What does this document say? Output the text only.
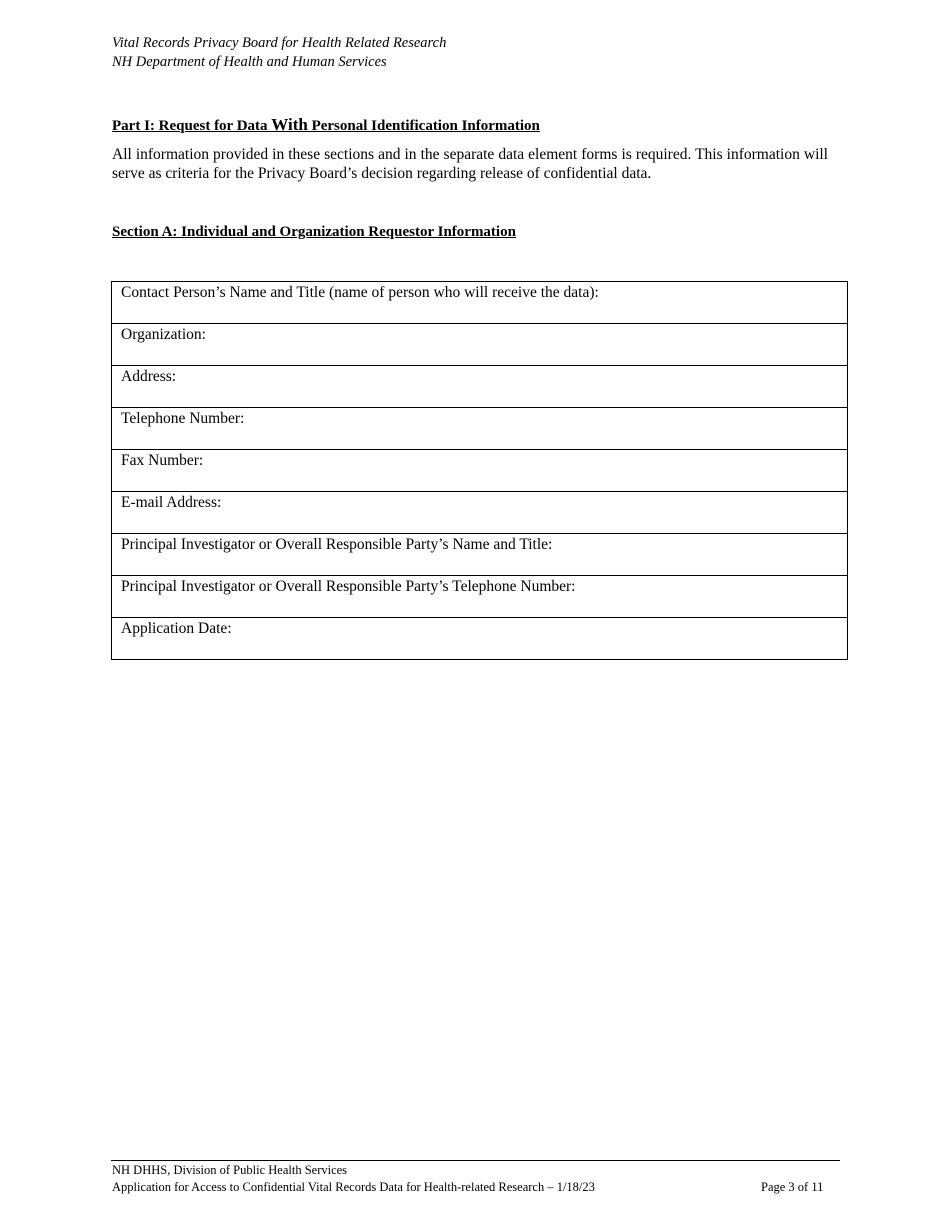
Vital Records Privacy Board for Health Related Research
NH Department of Health and Human Services
Part I: Request for Data With Personal Identification Information
All information provided in these sections and in the separate data element forms is required. This information will serve as criteria for the Privacy Board’s decision regarding release of confidential data.
Section A: Individual and Organization Requestor Information
Contact Person’s Name and Title (name of person who will receive the data):

Organization:

Address:

Telephone Number:

Fax Number:

E-mail Address:

Principal Investigator or Overall Responsible Party’s Name and Title:

Principal Investigator or Overall Responsible Party’s Telephone Number:

Application Date:
NH DHHS, Division of Public Health Services
Application for Access to Confidential Vital Records Data for Health-related Research – 1/18/23	Page 3 of 11
